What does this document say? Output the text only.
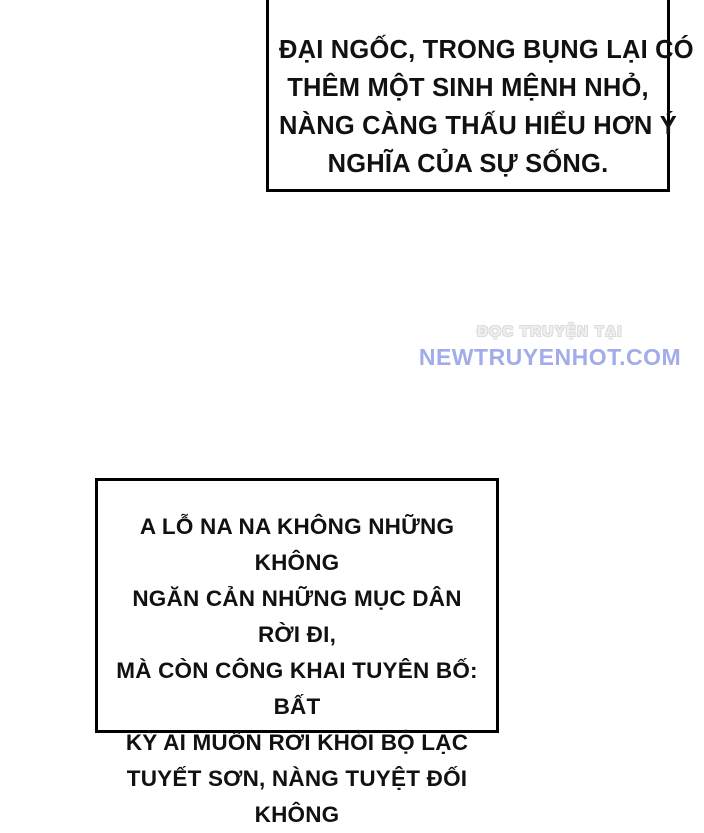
ĐẠI NGỐC, TRONG BỤNG LẠI CÓ
THÊM MỘT SINH MỆNH NHỎ,
NÀNG CÀNG THẤU HIỂU HƠN Ý
NGHĨA CỦA SỰ SỐNG.
ĐỌC TRUYỆN TẠI
NEWTRUYENHOT.COM
A LỖ NA NA KHÔNG NHỮNG KHÔNG
NGĂN CẢN NHỮNG MỤC DÂN RỜI ĐI,
MÀ CÒN CÔNG KHAI TUYÊN BỐ: BẤT
KỲ AI MUỐN RỜI KHỎI BỘ LẠC
TUYẾT SƠN, NÀNG TUYỆT ĐỐI KHÔNG
